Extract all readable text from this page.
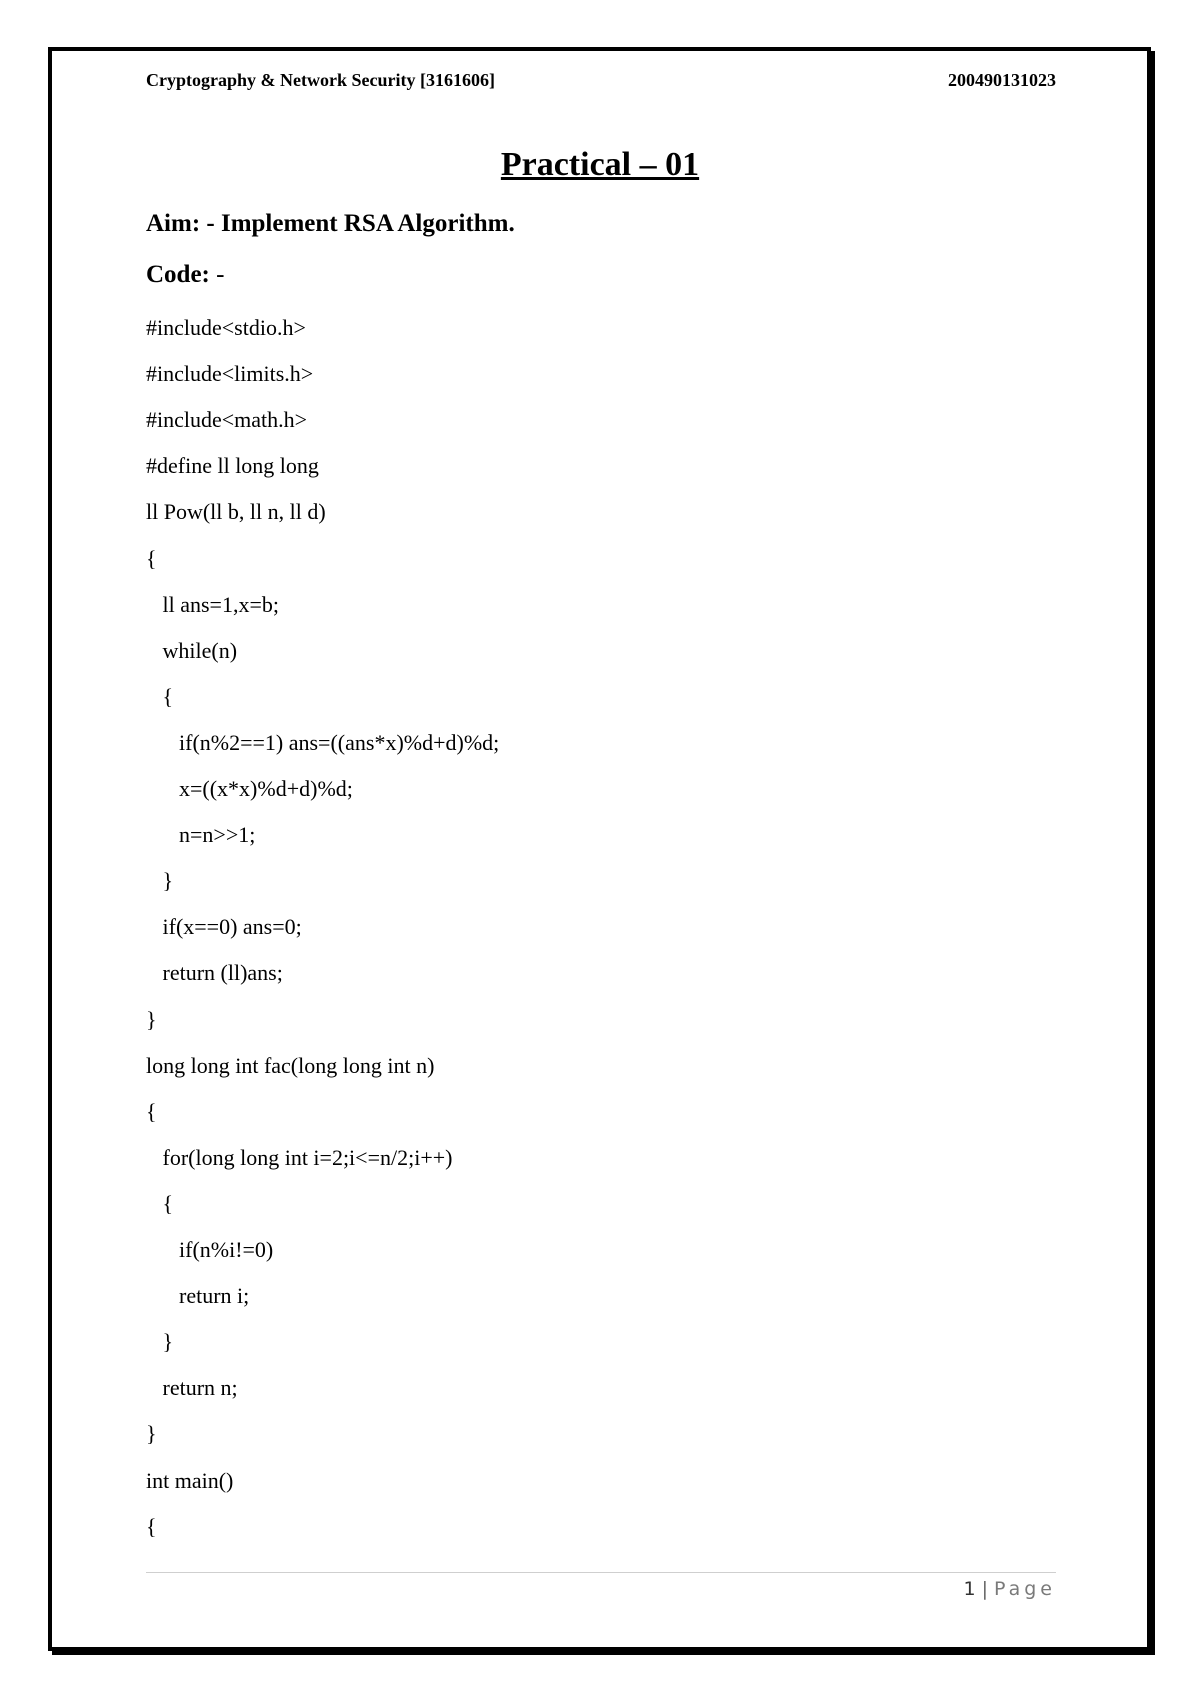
Cryptography & Network Security [3161606]	200490131023
Practical – 01
Aim: - Implement RSA Algorithm.
Code: -
#include<stdio.h>
#include<limits.h>
#include<math.h>
#define ll long long
ll Pow(ll b, ll n, ll d)
{
ll ans=1,x=b;
while(n)
{
if(n%2==1) ans=((ans*x)%d+d)%d;
x=((x*x)%d+d)%d;
n=n>>1;
}
if(x==0) ans=0;
return (ll)ans;
}
long long int fac(long long int n)
{
for(long long int i=2;i<=n/2;i++)
{
if(n%i!=0)
return i;
}
return n;
}
int main()
{
1 | Page
